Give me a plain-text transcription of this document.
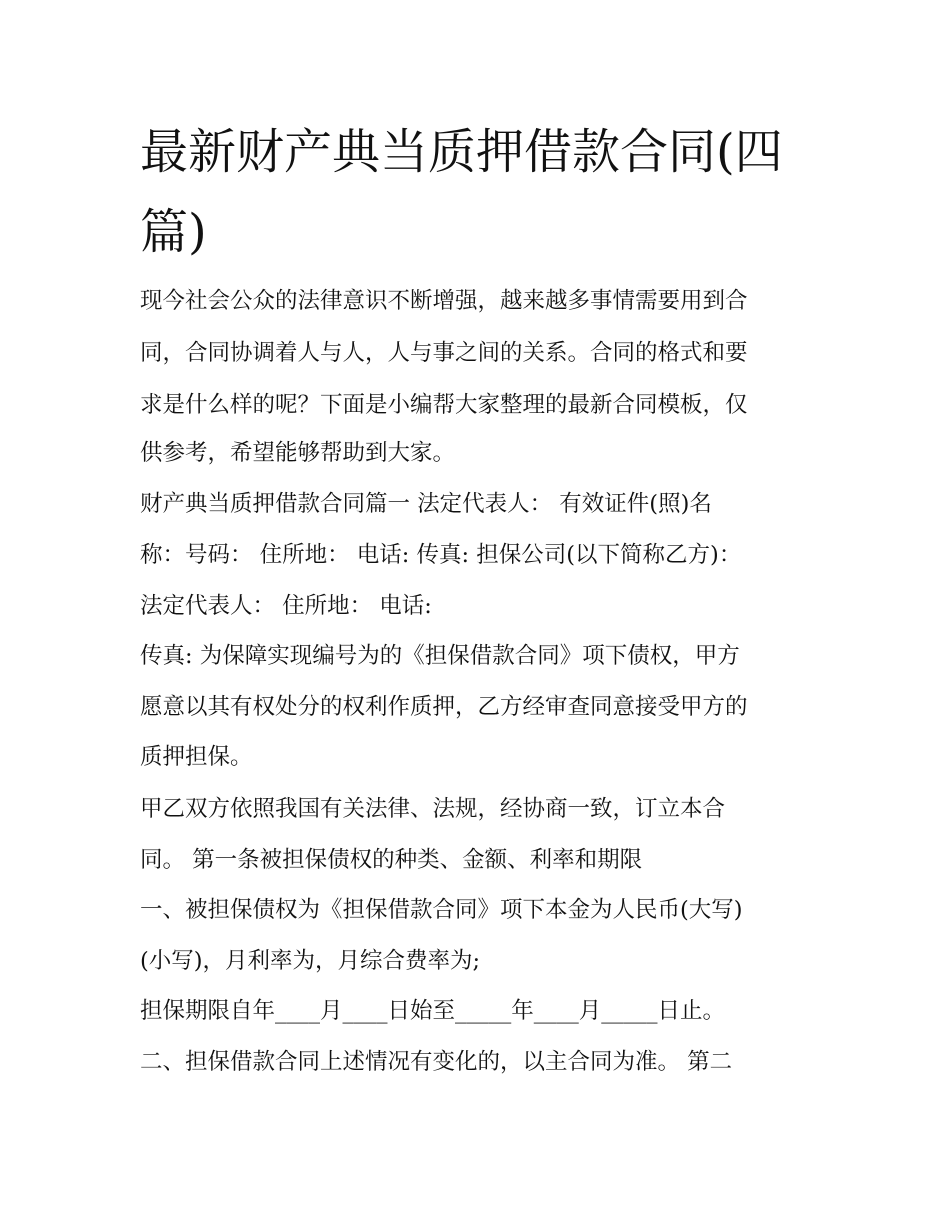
最新财产典当质押借款合同(四篇)

现今社会公众的法律意识不断增强，越来越多事情需要用到合

同，合同协调着人与人，人与事之间的关系。合同的格式和要

求是什么样的呢？下面是小编帮大家整理的最新合同模板，仅

供参考，希望能够帮助到大家。

财产典当质押借款合同篇一 法定代表人： 有效证件(照)名

称：号码： 住所地： 电话: 传真: 担保公司(以下简称乙方)：

法定代表人： 住所地： 电话:

传真: 为保障实现编号为的《担保借款合同》项下债权，甲方

愿意以其有权处分的权利作质押，乙方经审查同意接受甲方的

质押担保。

甲乙双方依照我国有关法律、法规，经协商一致，订立本合

同。 第一条被担保债权的种类、金额、利率和期限

一、被担保债权为《担保借款合同》项下本金为人民币(大写)

(小写)，月利率为，月综合费率为;

担保期限自年____月____日始至_____年____月_____日止。

二、担保借款合同上述情况有变化的，以主合同为准。 第二
